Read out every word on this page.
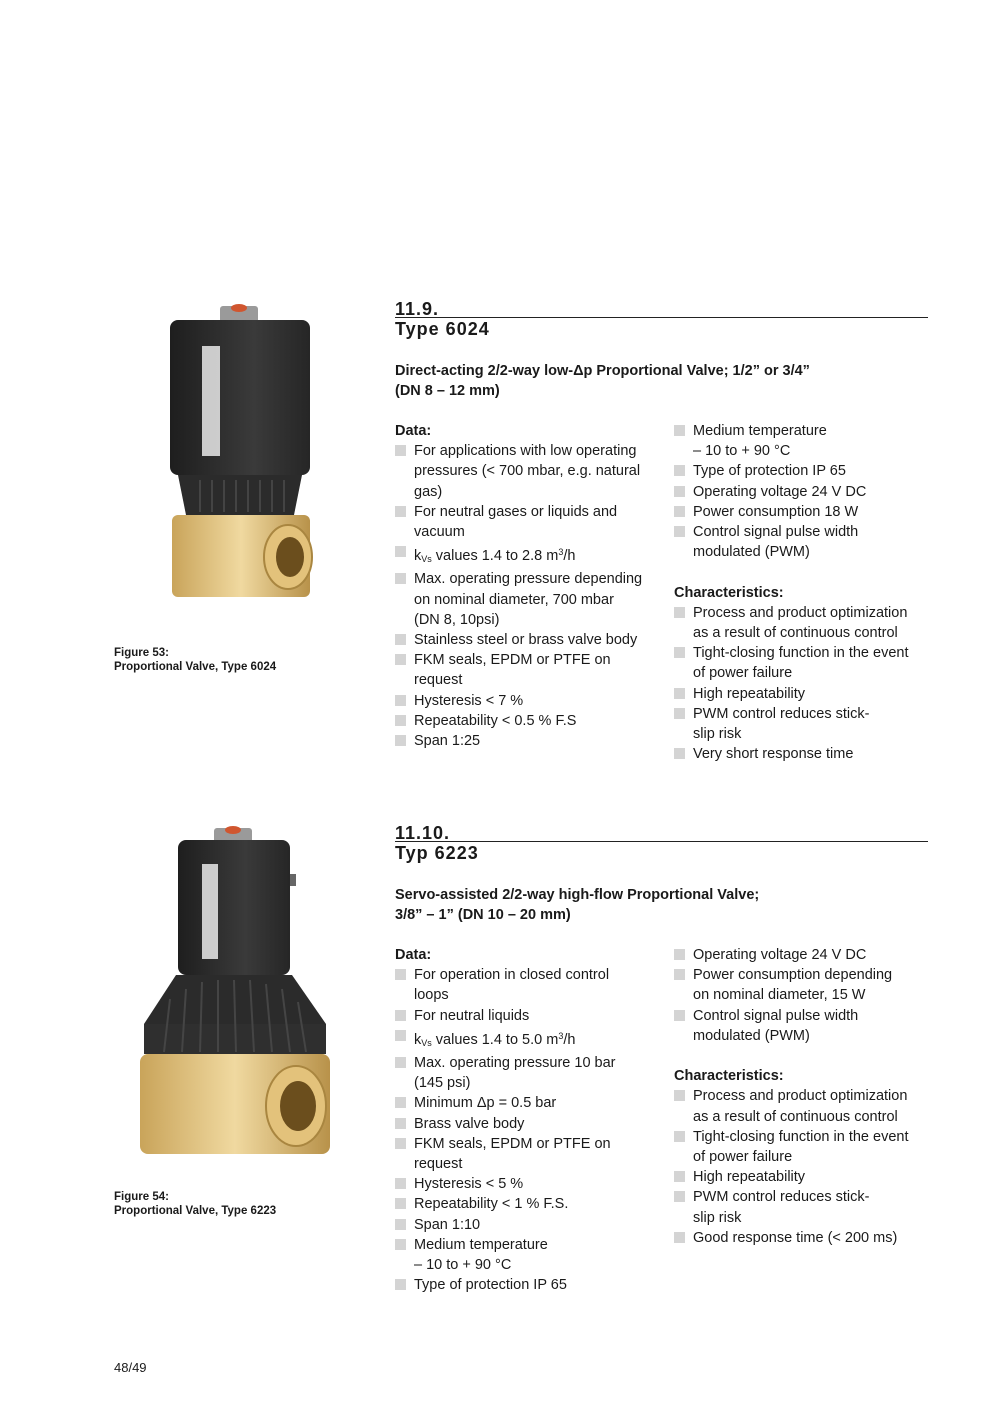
Figure 53:
Proportional Valve, Type 6024
11.9.
Type 6024
Direct-acting 2/2-way low-Δp Proportional Valve; 1/2” or 3/4”
(DN 8 – 12 mm)
Data:
For applications with low operating
pressures (< 700 mbar, e.g. natural
gas)
For neutral gases or liquids and
vacuum
$k_{Vs}$ values 1.4 to 2.8 $m^3/h$
Max. operating pressure depending
on nominal diameter, 700 mbar
(DN 8, 10psi)
Stainless steel or brass valve body
FKM seals, EPDM or PTFE on
request
Hysteresis < 7 %
Repeatability < 0.5 % F.S
Span 1:25
Medium temperature
– 10 to + 90 °C
Type of protection IP 65
Operating voltage 24 V DC
Power consumption 18 W
Control signal pulse width
modulated (PWM)
Characteristics:
Process and product optimization
as a result of continuous control
Tight-closing function in the event
of power failure
High repeatability
PWM control reduces stick-
slip risk
Very short response time
Figure 54:
Proportional Valve, Type 6223
11.10.
Typ 6223
Servo-assisted 2/2-way high-flow Proportional Valve;
3/8” – 1” (DN 10 – 20 mm)
Data:
For operation in closed control
loops
For neutral liquids
$k_{Vs}$ values 1.4 to 5.0 $m^3/h$
Max. operating pressure 10 bar
(145 psi)
Minimum Δp = 0.5 bar
Brass valve body
FKM seals, EPDM or PTFE on
request
Hysteresis < 5 %
Repeatability < 1 % F.S.
Span 1:10
Medium temperature
– 10 to + 90 °C
Type of protection IP 65
Operating voltage 24 V DC
Power consumption depending
on nominal diameter, 15 W
Control signal pulse width
modulated (PWM)
Characteristics:
Process and product optimization
as a result of continuous control
Tight-closing function in the event
of power failure
High repeatability
PWM control reduces stick-
slip risk
Good response time (< 200 ms)
48/49
